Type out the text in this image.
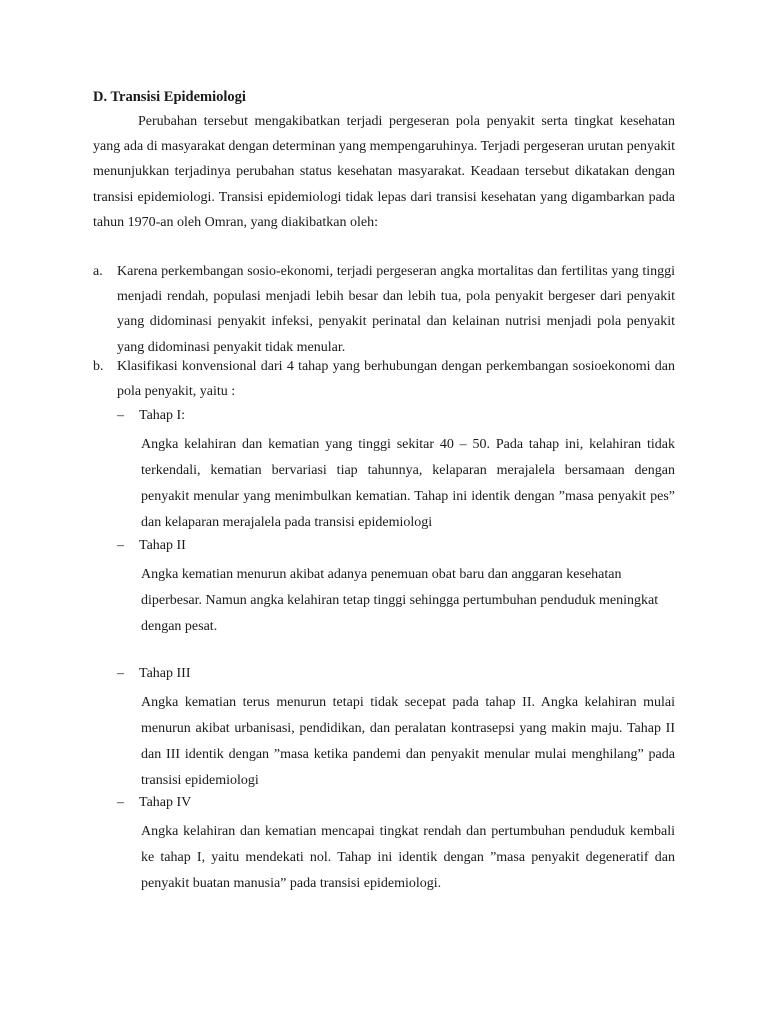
D. Transisi Epidemiologi

Perubahan tersebut mengakibatkan terjadi pergeseran pola penyakit serta tingkat kesehatan yang ada di masyarakat dengan determinan yang mempengaruhinya. Terjadi pergeseran urutan penyakit menunjukkan terjadinya perubahan status kesehatan masyarakat. Keadaan tersebut dikatakan dengan transisi epidemiologi. Transisi epidemiologi tidak lepas dari transisi kesehatan yang digambarkan pada tahun 1970-an oleh Omran, yang diakibatkan oleh:

a. Karena perkembangan sosio-ekonomi, terjadi pergeseran angka mortalitas dan fertilitas yang tinggi menjadi rendah, populasi menjadi lebih besar dan lebih tua, pola penyakit bergeser dari penyakit yang didominasi penyakit infeksi, penyakit perinatal dan kelainan nutrisi menjadi pola penyakit yang didominasi penyakit tidak menular.
b. Klasifikasi konvensional dari 4 tahap yang berhubungan dengan perkembangan sosioekonomi dan pola penyakit, yaitu :
– Tahap I:

Angka kelahiran dan kematian yang tinggi sekitar 40 – 50. Pada tahap ini, kelahiran tidak terkendali, kematian bervariasi tiap tahunnya, kelaparan merajalela bersamaan dengan penyakit menular yang menimbulkan kematian. Tahap ini identik dengan ”masa penyakit pes” dan kelaparan merajalela pada transisi epidemiologi

– Tahap II

Angka kematian menurun akibat adanya penemuan obat baru dan anggaran kesehatan diperbesar. Namun angka kelahiran tetap tinggi sehingga pertumbuhan penduduk meningkat dengan pesat.

– Tahap III

Angka kematian terus menurun tetapi tidak secepat pada tahap II. Angka kelahiran mulai menurun akibat urbanisasi, pendidikan, dan peralatan kontrasepsi yang makin maju. Tahap II dan III identik dengan ”masa ketika pandemi dan penyakit menular mulai menghilang” pada transisi epidemiologi

– Tahap IV

Angka kelahiran dan kematian mencapai tingkat rendah dan pertumbuhan penduduk kembali ke tahap I, yaitu mendekati nol. Tahap ini identik dengan ”masa penyakit degeneratif dan penyakit buatan manusia” pada transisi epidemiologi.
